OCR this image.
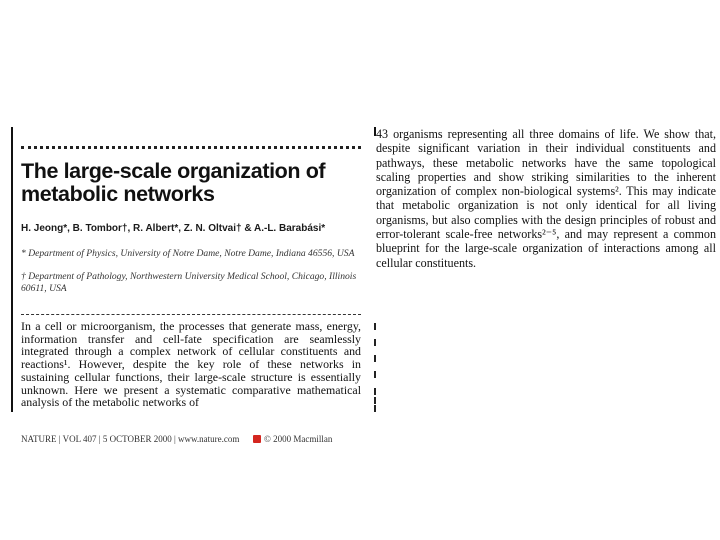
The large-scale organization of metabolic networks
H. Jeong*, B. Tombor†, R. Albert*, Z. N. Oltvai† & A.-L. Barabási*
* Department of Physics, University of Notre Dame, Notre Dame, Indiana 46556, USA
† Department of Pathology, Northwestern University Medical School, Chicago, Illinois 60611, USA

In a cell or microorganism, the processes that generate mass, energy, information transfer and cell-fate specification are seamlessly integrated through a complex network of cellular constituents and reactions¹. However, despite the key role of these networks in sustaining cellular functions, their large-scale structure is essentially unknown. Here we present a systematic comparative mathematical analysis of the metabolic networks of

NATURE | VOL 407 | 5 OCTOBER 2000 | www.nature.com	© 2000 Macmillan

43 organisms representing all three domains of life. We show that, despite significant variation in their individual constituents and pathways, these metabolic networks have the same topological scaling properties and show striking similarities to the inherent organization of complex non-biological systems². This may indicate that metabolic organization is not only identical for all living organisms, but also complies with the design principles of robust and error-tolerant scale-free networks²⁻⁵, and may represent a common blueprint for the large-scale organization of interactions among all cellular constituents.
